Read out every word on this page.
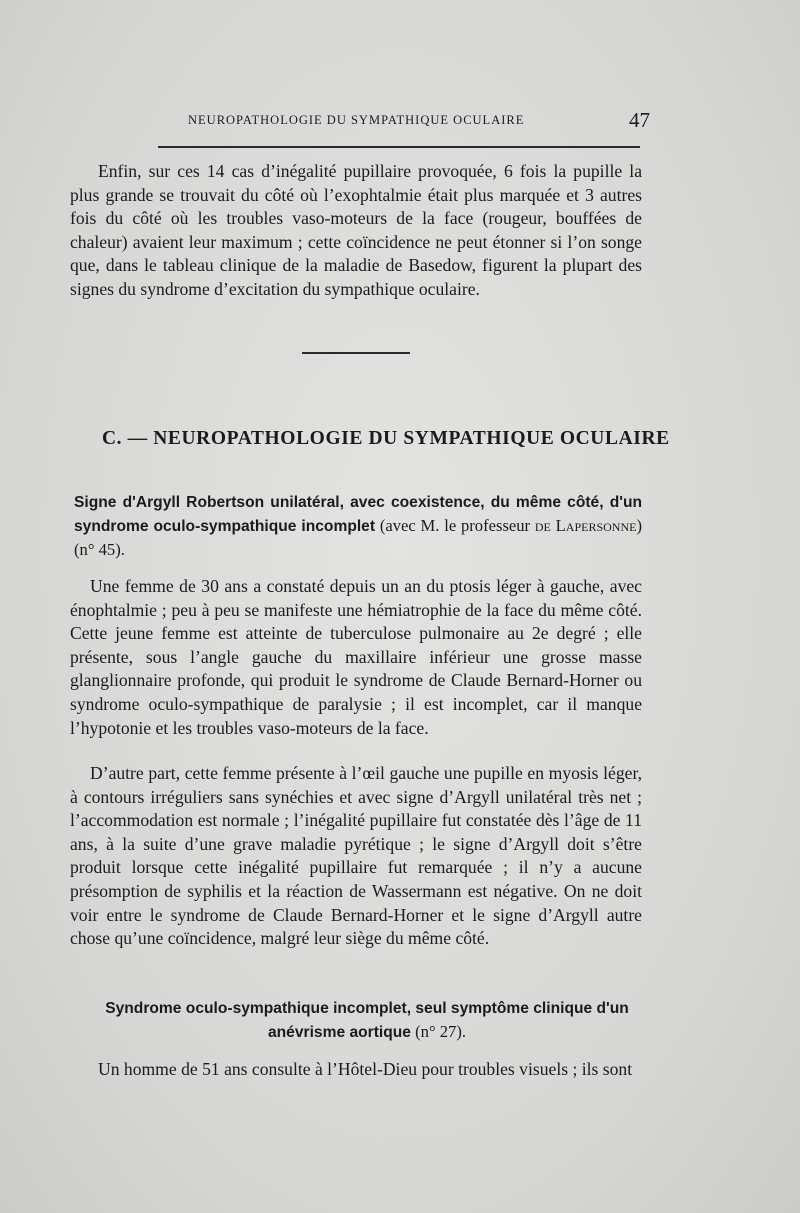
NEUROPATHOLOGIE DU SYMPATHIQUE OCULAIRE	47

Enfin, sur ces 14 cas d’inégalité pupillaire provoquée, 6 fois la pupille la plus grande se trouvait du côté où l’exophtalmie était plus marquée et 3 autres fois du côté où les troubles vaso-moteurs de la face (rougeur, bouffées de chaleur) avaient leur maximum ; cette coïncidence ne peut étonner si l’on songe que, dans le tableau clinique de la maladie de Basedow, figurent la plupart des signes du syndrome d’excitation du sympathique oculaire.

C. — NEUROPATHOLOGIE DU SYMPATHIQUE OCULAIRE

Signe d'Argyll Robertson unilatéral, avec coexistence, du même côté, d'un syndrome oculo-sympathique incomplet (avec M. le professeur de Lapersonne) (n° 45).

Une femme de 30 ans a constaté depuis un an du ptosis léger à gauche, avec énophtalmie ; peu à peu se manifeste une hémiatrophie de la face du même côté. Cette jeune femme est atteinte de tuberculose pulmonaire au 2e degré ; elle présente, sous l’angle gauche du maxillaire inférieur une grosse masse glanglionnaire profonde, qui produit le syndrome de Claude Bernard-Horner ou syndrome oculo-sympathique de paralysie ; il est incomplet, car il manque l’hypotonie et les troubles vaso-moteurs de la face.

D’autre part, cette femme présente à l’œil gauche une pupille en myosis léger, à contours irréguliers sans synéchies et avec signe d’Argyll unilatéral très net ; l’accommodation est normale ; l’inégalité pupillaire fut constatée dès l’âge de 11 ans, à la suite d’une grave maladie pyrétique ; le signe d’Argyll doit s’être produit lorsque cette inégalité pupillaire fut remarquée ; il n’y a aucune présomption de syphilis et la réaction de Wassermann est négative. On ne doit voir entre le syndrome de Claude Bernard-Horner et le signe d’Argyll autre chose qu’une coïncidence, malgré leur siège du même côté.

Syndrome oculo-sympathique incomplet, seul symptôme clinique d'un anévrisme aortique (n° 27).

Un homme de 51 ans consulte à l’Hôtel-Dieu pour troubles visuels ; ils sont
